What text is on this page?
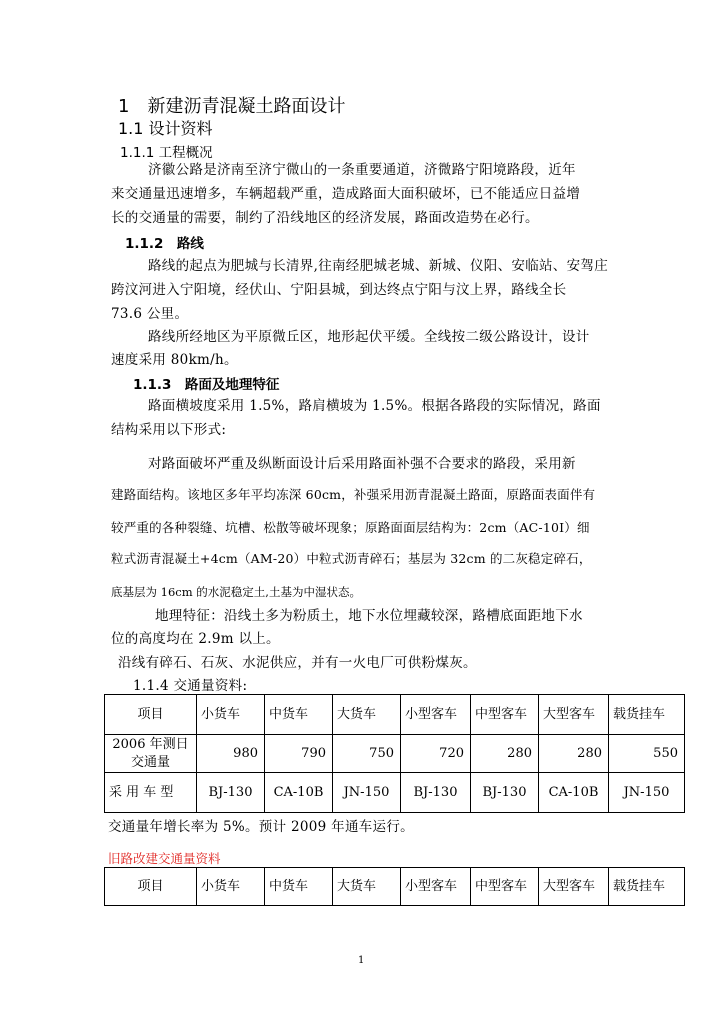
1　新建沥青混凝土路面设计
1.1 设计资料
1.1.1 工程概况
济徽公路是济南至济宁微山的一条重要通道，济微路宁阳境路段，近年
来交通量迅速增多，车辆超载严重，造成路面大面积破坏，已不能适应日益增
长的交通量的需要，制约了沿线地区的经济发展，路面改造势在必行。
1.1.2　路线
路线的起点为肥城与长清界,往南经肥城老城、新城、仪阳、安临站、安驾庄
跨汶河进入宁阳境，经伏山、宁阳县城，到达终点宁阳与汶上界，路线全长
73.6 公里。
路线所经地区为平原微丘区，地形起伏平缓。全线按二级公路设计，设计
速度采用 80km/h。
1.1.3　路面及地理特征
路面横坡度采用 1.5%，路肩横坡为 1.5%。根据各路段的实际情况，路面
结构采用以下形式:
对路面破坏严重及纵断面设计后采用路面补强不合要求的路段，采用新
建路面结构。该地区多年平均冻深 60cm，补强采用沥青混凝土路面，原路面表面伴有
较严重的各种裂缝、坑槽、松散等破坏现象；原路面面层结构为：2cm（AC-10Ⅰ）细
粒式沥青混凝土+4cm（AM-20）中粒式沥青碎石；基层为 32cm 的二灰稳定碎石，
底基层为 16cm 的水泥稳定土,土基为中湿状态。
地理特征：沿线土多为粉质土，地下水位埋藏较深，路槽底面距地下水
位的高度均在 2.9m 以上。
沿线有碎石、石灰、水泥供应，并有一火电厂可供粉煤灰。
1.1.4 交通量资料:
项目	小货车	中货车	大货车	小型客车	中型客车	大型客车	载货挂车
2006 年测日交通量	980	790	750	720	280	280	550
采 用 车 型	BJ-130	CA-10B	JN-150	BJ-130	BJ-130	CA-10B	JN-150
交通量年增长率为 5%。预计 2009 年通车运行。
旧路改建交通量资料
项目	小货车	中货车	大货车	小型客车	中型客车	大型客车	载货挂车
1
